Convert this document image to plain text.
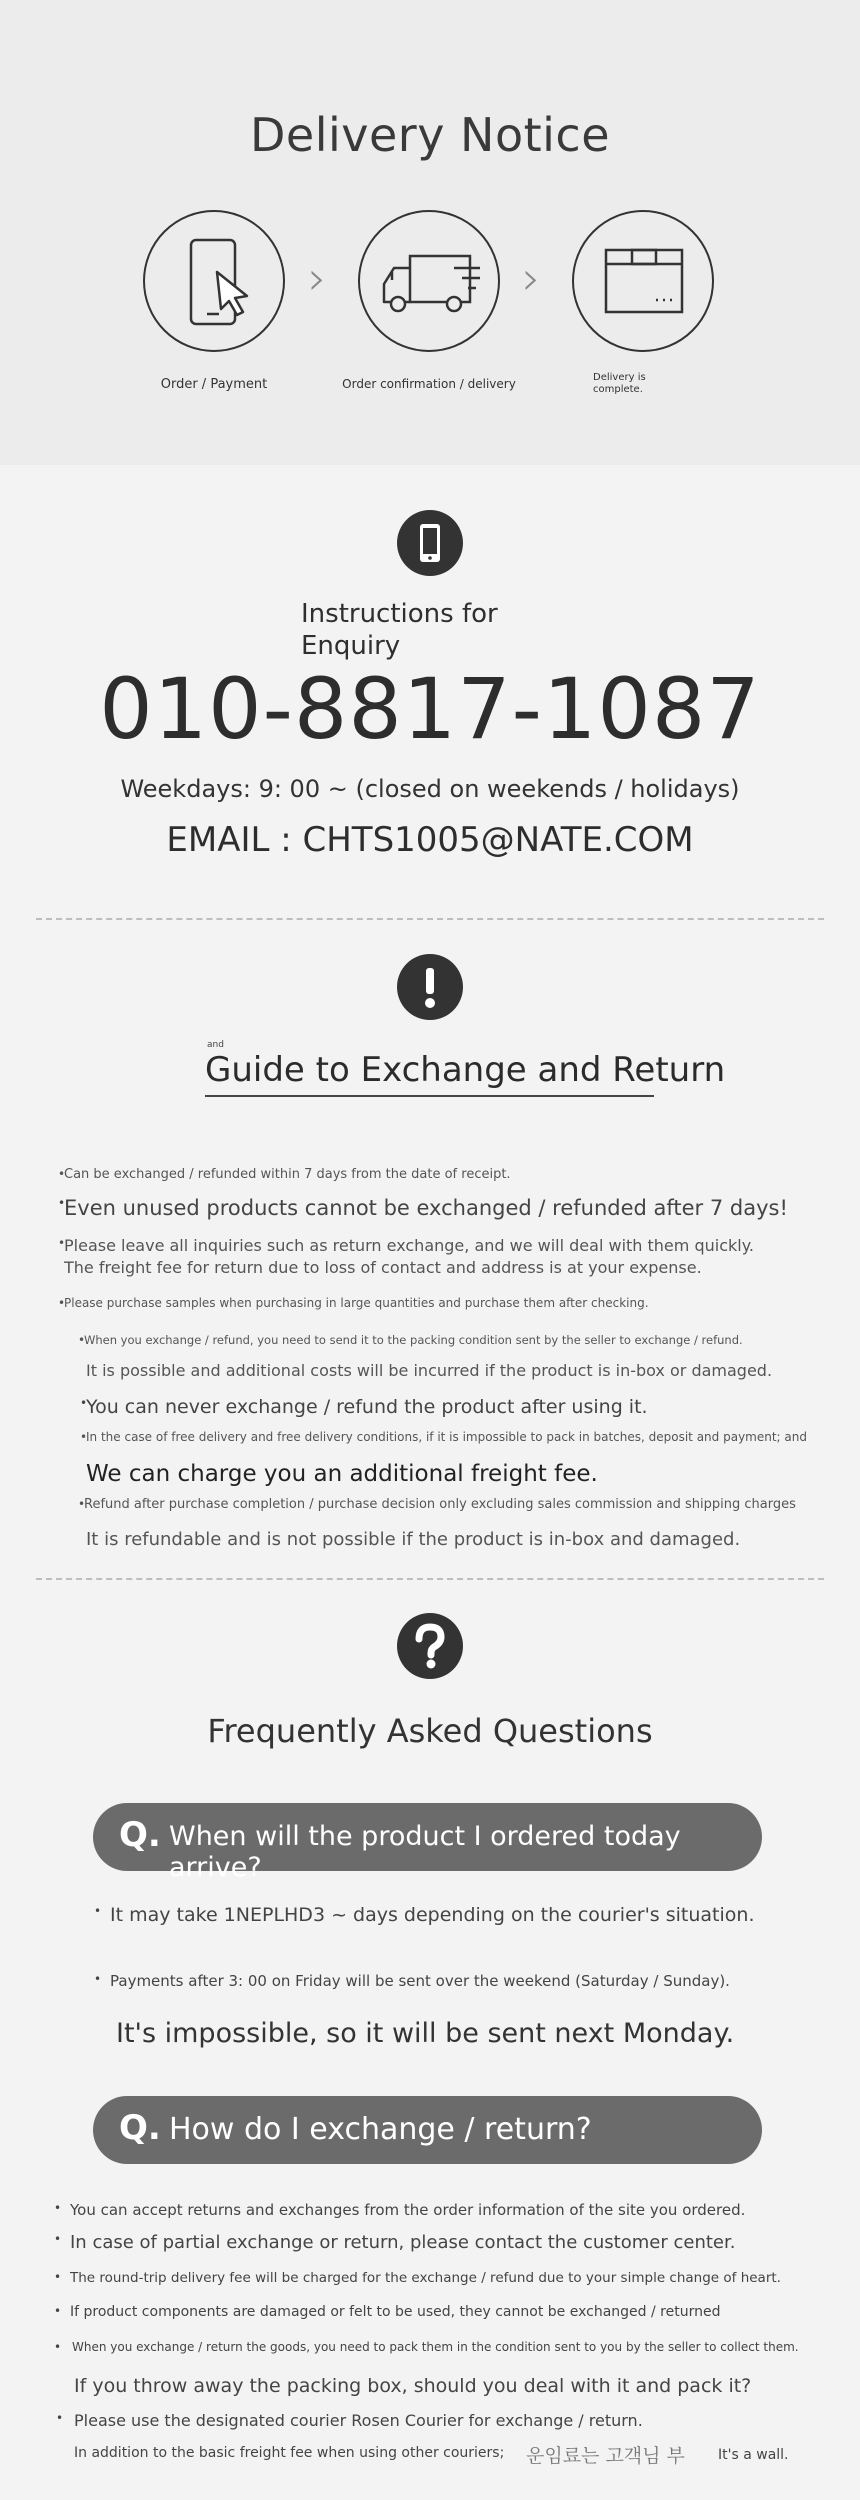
Delivery Notice
Order / Payment
›
Order confirmation / delivery
›
Delivery is
complete.
Instructions for
Enquiry
010-8817-1087
Weekdays: 9: 00 ~ (closed on weekends / holidays)
EMAIL : CHTS1005@NATE.COM
and
Guide to Exchange and Return
•
Can be exchanged / refunded within 7 days from the date of receipt.
•
Even unused products cannot be exchanged / refunded after 7 days!
•
Please leave all inquiries such as return exchange, and we will deal with them quickly.
The freight fee for return due to loss of contact and address is at your expense.
•
Please purchase samples when purchasing in large quantities and purchase them after checking.
•
When you exchange / refund, you need to send it to the packing condition sent by the seller to exchange / refund.
It is possible and additional costs will be incurred if the product is in-box or damaged.
•
You can never exchange / refund the product after using it.
•
In the case of free delivery and free delivery conditions, if it is impossible to pack in batches, deposit and payment; and
We can charge you an additional freight fee.
•
Refund after purchase completion / purchase decision only excluding sales commission and shipping charges
It is refundable and is not possible if the product is in-box and damaged.
Frequently Asked Questions
Q. When will the product I ordered today arrive?
• It may take 1NEPLHD3 ~ days depending on the courier's situation.
• Payments after 3: 00 on Friday will be sent over the weekend (Saturday / Sunday).
It's impossible, so it will be sent next Monday.
Q. How do I exchange / return?
• You can accept returns and exchanges from the order information of the site you ordered.
• In case of partial exchange or return, please contact the customer center.
• The round-trip delivery fee will be charged for the exchange / refund due to your simple change of heart.
• If product components are damaged or felt to be used, they cannot be exchanged / returned
• When you exchange / return the goods, you need to pack them in the condition sent to you by the seller to collect them.
If you throw away the packing box, should you deal with it and pack it?
• Please use the designated courier Rosen Courier for exchange / return.
In addition to the basic freight fee when using other couriers; 운임료는 고객님 부 It's a wall.
